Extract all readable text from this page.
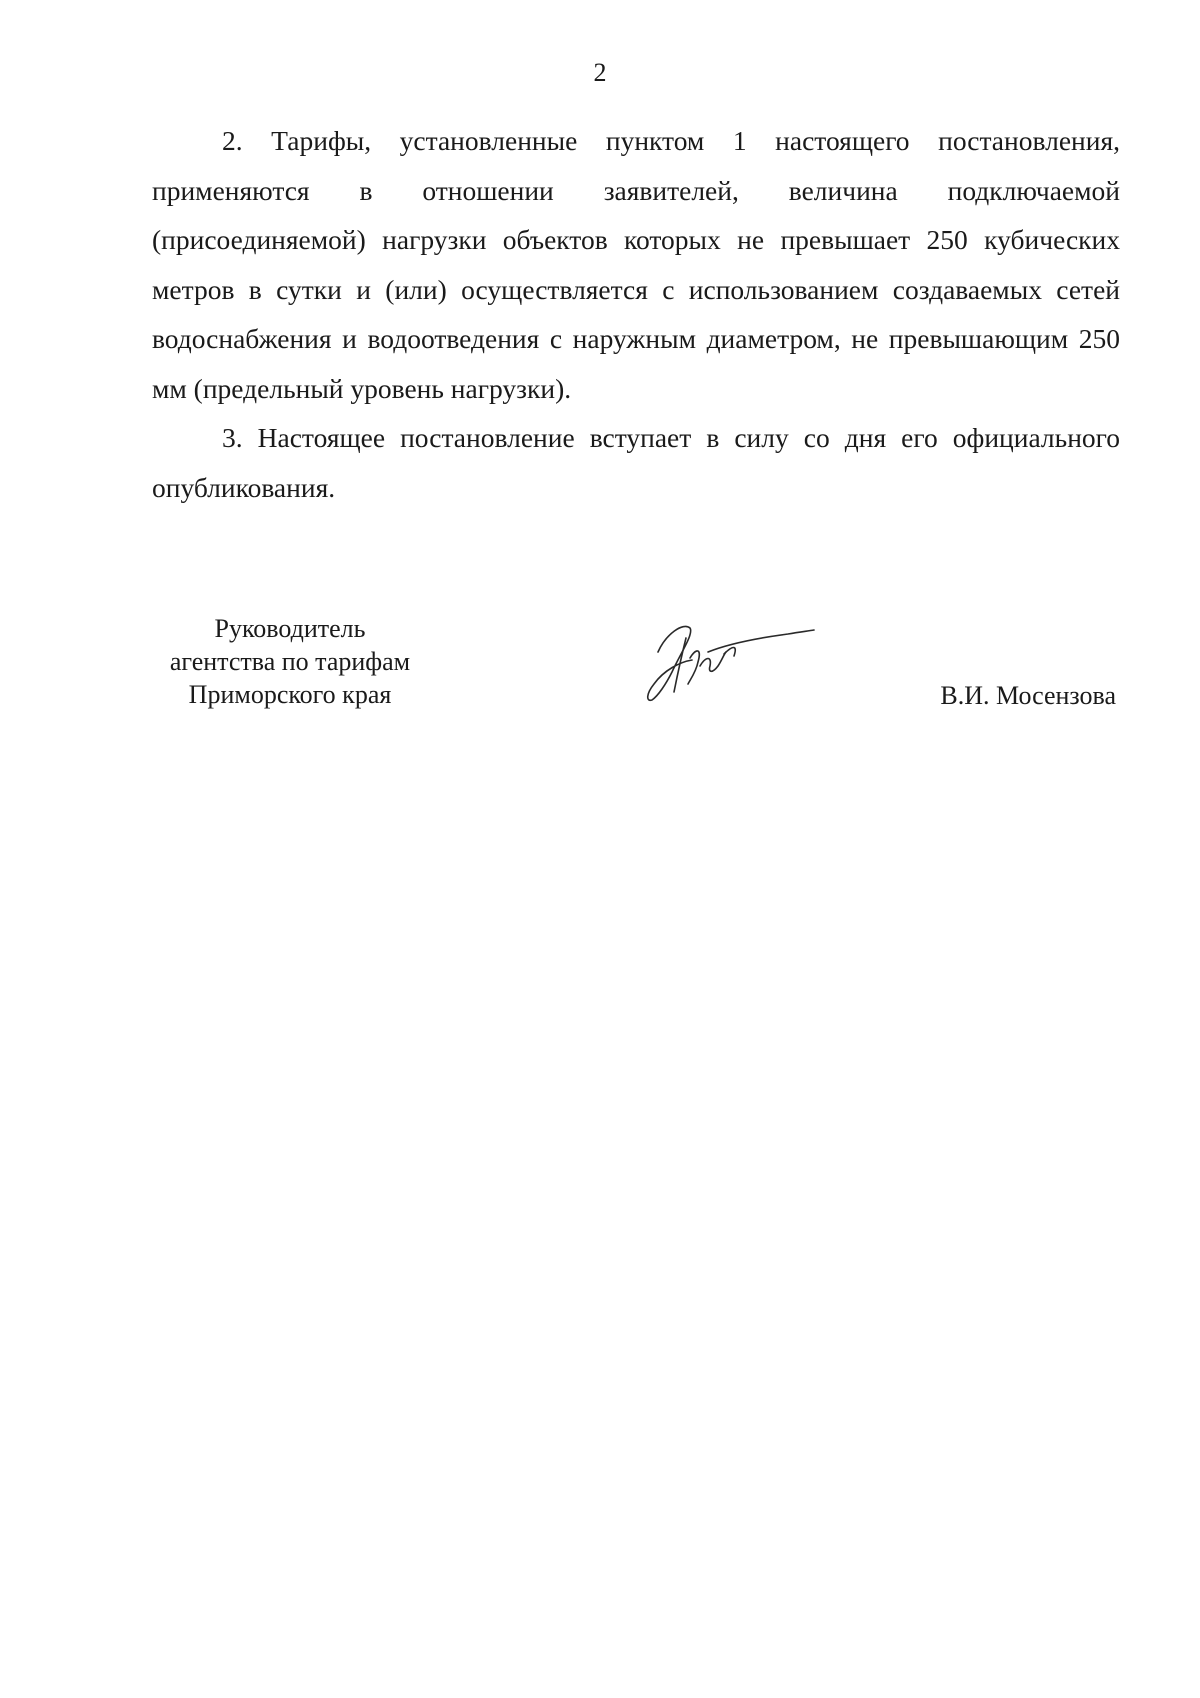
2

2. Тарифы, установленные пунктом 1 настоящего постановления, применяются в отношении заявителей, величина подключаемой (присоединяемой) нагрузки объектов которых не превышает 250 кубических метров в сутки и (или) осуществляется с использованием создаваемых сетей водоснабжения и водоотведения с наружным диаметром, не превышающим 250 мм (предельный уровень нагрузки).

3. Настоящее постановление вступает в силу со дня его официального опубликования.

Руководитель
агентства по тарифам
Приморского края	В.И. Мосензова
